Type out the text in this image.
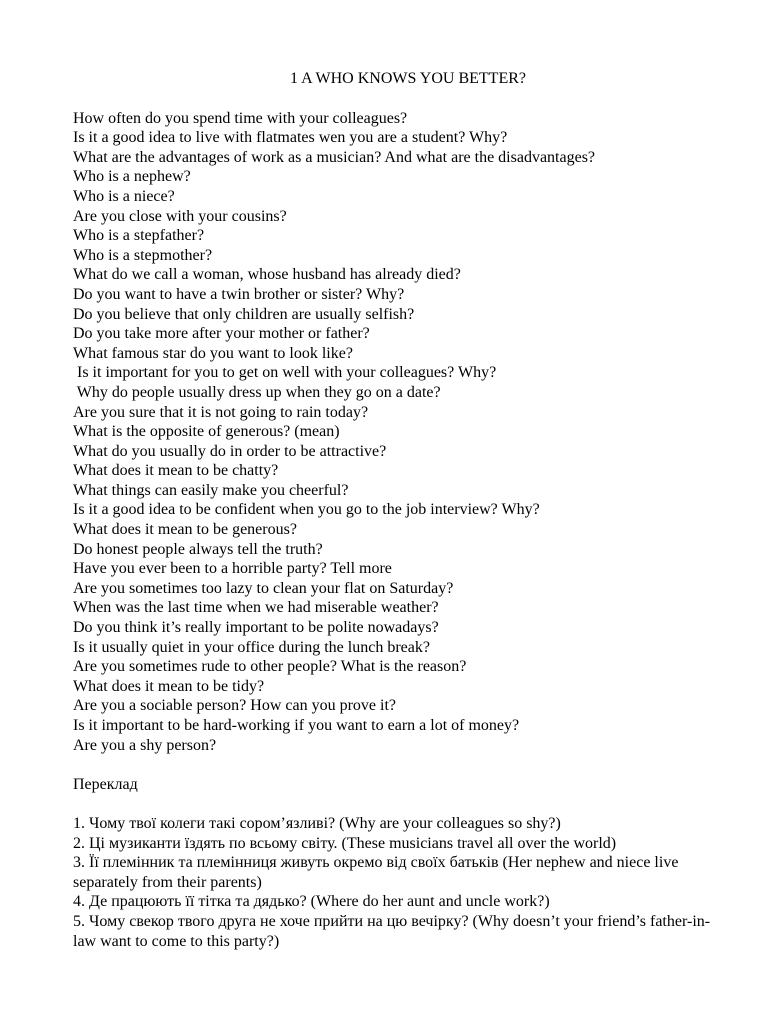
1 A WHO KNOWS YOU BETTER?
How often do you spend time with your colleagues?
Is it a good idea to live with flatmates wen you are a student? Why?
What are the advantages of work as a musician? And what are the disadvantages?
Who is a nephew?
Who is a niece?
Are you close with your cousins?
Who is a stepfather?
Who is a stepmother?
What do we call a woman, whose husband has already died?
Do you want to have a twin brother or sister? Why?
Do you believe that only children are usually selfish?
Do you take more after your mother or father?
What famous star do you want to look like?
Is it important for you to get on well with your colleagues? Why?
Why do people usually dress up when they go on a date?
Are you sure that it is not going to rain today?
What is the opposite of generous? (mean)
What do you usually do in order to be attractive?
What does it mean to be chatty?
What things can easily make you cheerful?
Is it a good idea to be confident when you go to the job interview? Why?
What does it mean to be generous?
Do honest people always tell the truth?
Have you ever been to a horrible party? Tell more
Are you sometimes too lazy to clean your flat on Saturday?
When was the last time when we had miserable weather?
Do you think it’s really important to be polite nowadays?
Is it usually quiet in your office during the lunch break?
Are you sometimes rude to other people? What is the reason?
What does it mean to be tidy?
Are you a sociable person? How can you prove it?
Is it important to be hard-working if you want to earn a lot of money?
Are you a shy person?
Переклад
1. Чому твої колеги такі сором’язливі? (Why are your colleagues so shy?)
2. Ці музиканти їздять по всьому світу. (These musicians travel all over the world)
3. Її племінник та племінниця живуть окремо від своїх батьків (Her nephew and niece live separately from their parents)
4. Де працюють її тітка та дядько? (Where do her aunt and uncle work?)
5. Чому свекор твого друга не хоче прийти на цю вечірку? (Why doesn’t your friend’s father-in-law want to come to this party?)
